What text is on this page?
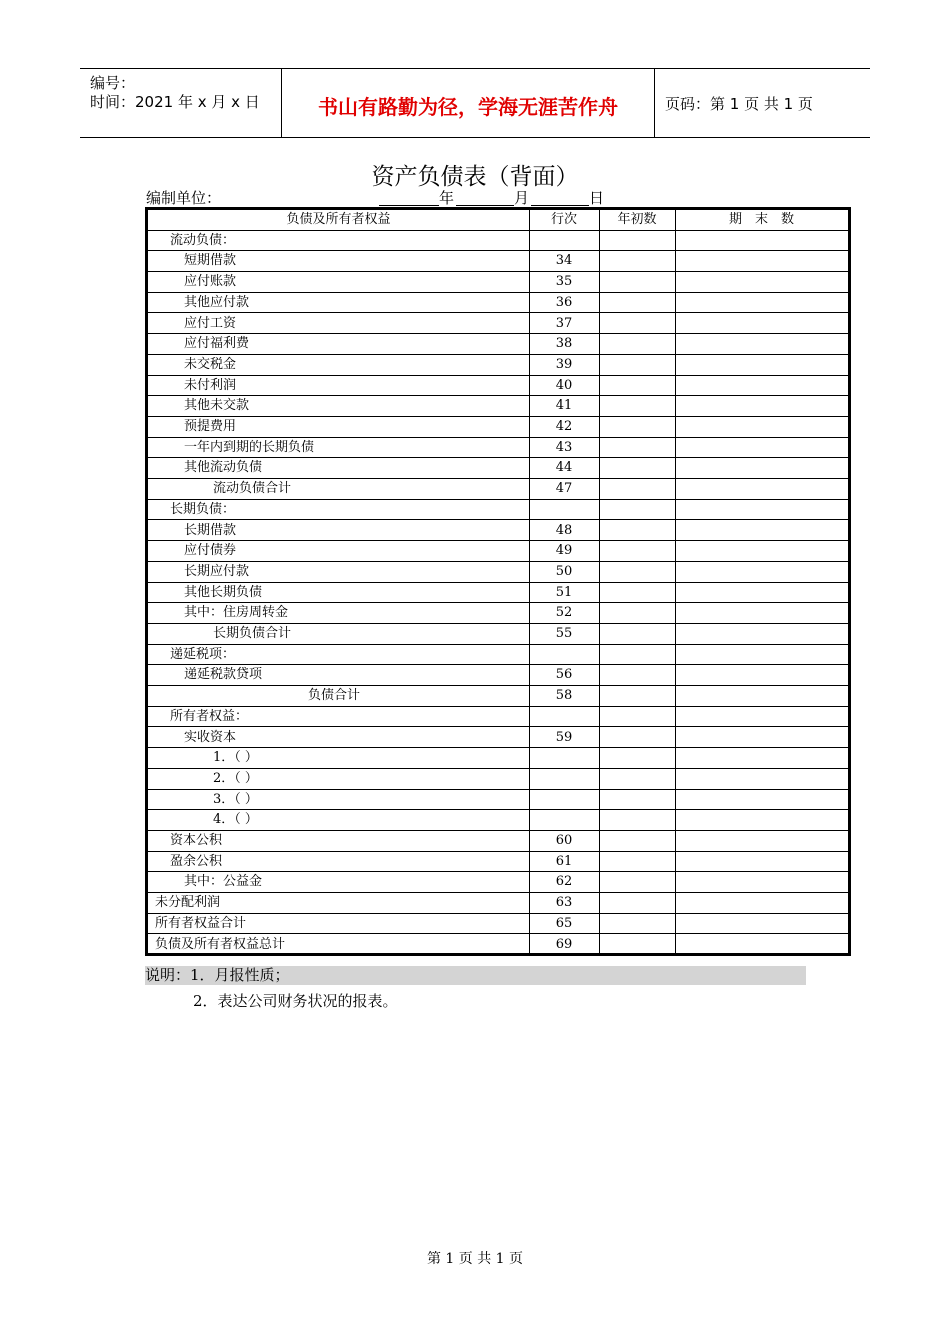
编号：
时间：2021 年 x 月 x 日	书山有路勤为径，学海无涯苦作舟	页码：第 1 页 共 1 页
资产负债表（背面）
编制单位：	年	月	日
负债及所有者权益	行次	年初数	期　末　数
流动负债：
短期借款	34
应付账款	35
其他应付款	36
应付工资	37
应付福利费	38
未交税金	39
未付利润	40
其他未交款	41
预提费用	42
一年内到期的长期负债	43
其他流动负债	44
流动负债合计	47
长期负债：
长期借款	48
应付债券	49
长期应付款	50
其他长期负债	51
其中：住房周转金	52
长期负债合计	55
递延税项：
递延税款贷项	56
负债合计	58
所有者权益：
实收资本	59
1．（ ）
2．（ ）
3．（ ）
4．（ ）
资本公积	60
盈余公积	61
其中：公益金	62
未分配利润	63
所有者权益合计	65
负债及所有者权益总计	69
说明：1．月报性质；
2．表达公司财务状况的报表。
第 1 页 共 1 页
